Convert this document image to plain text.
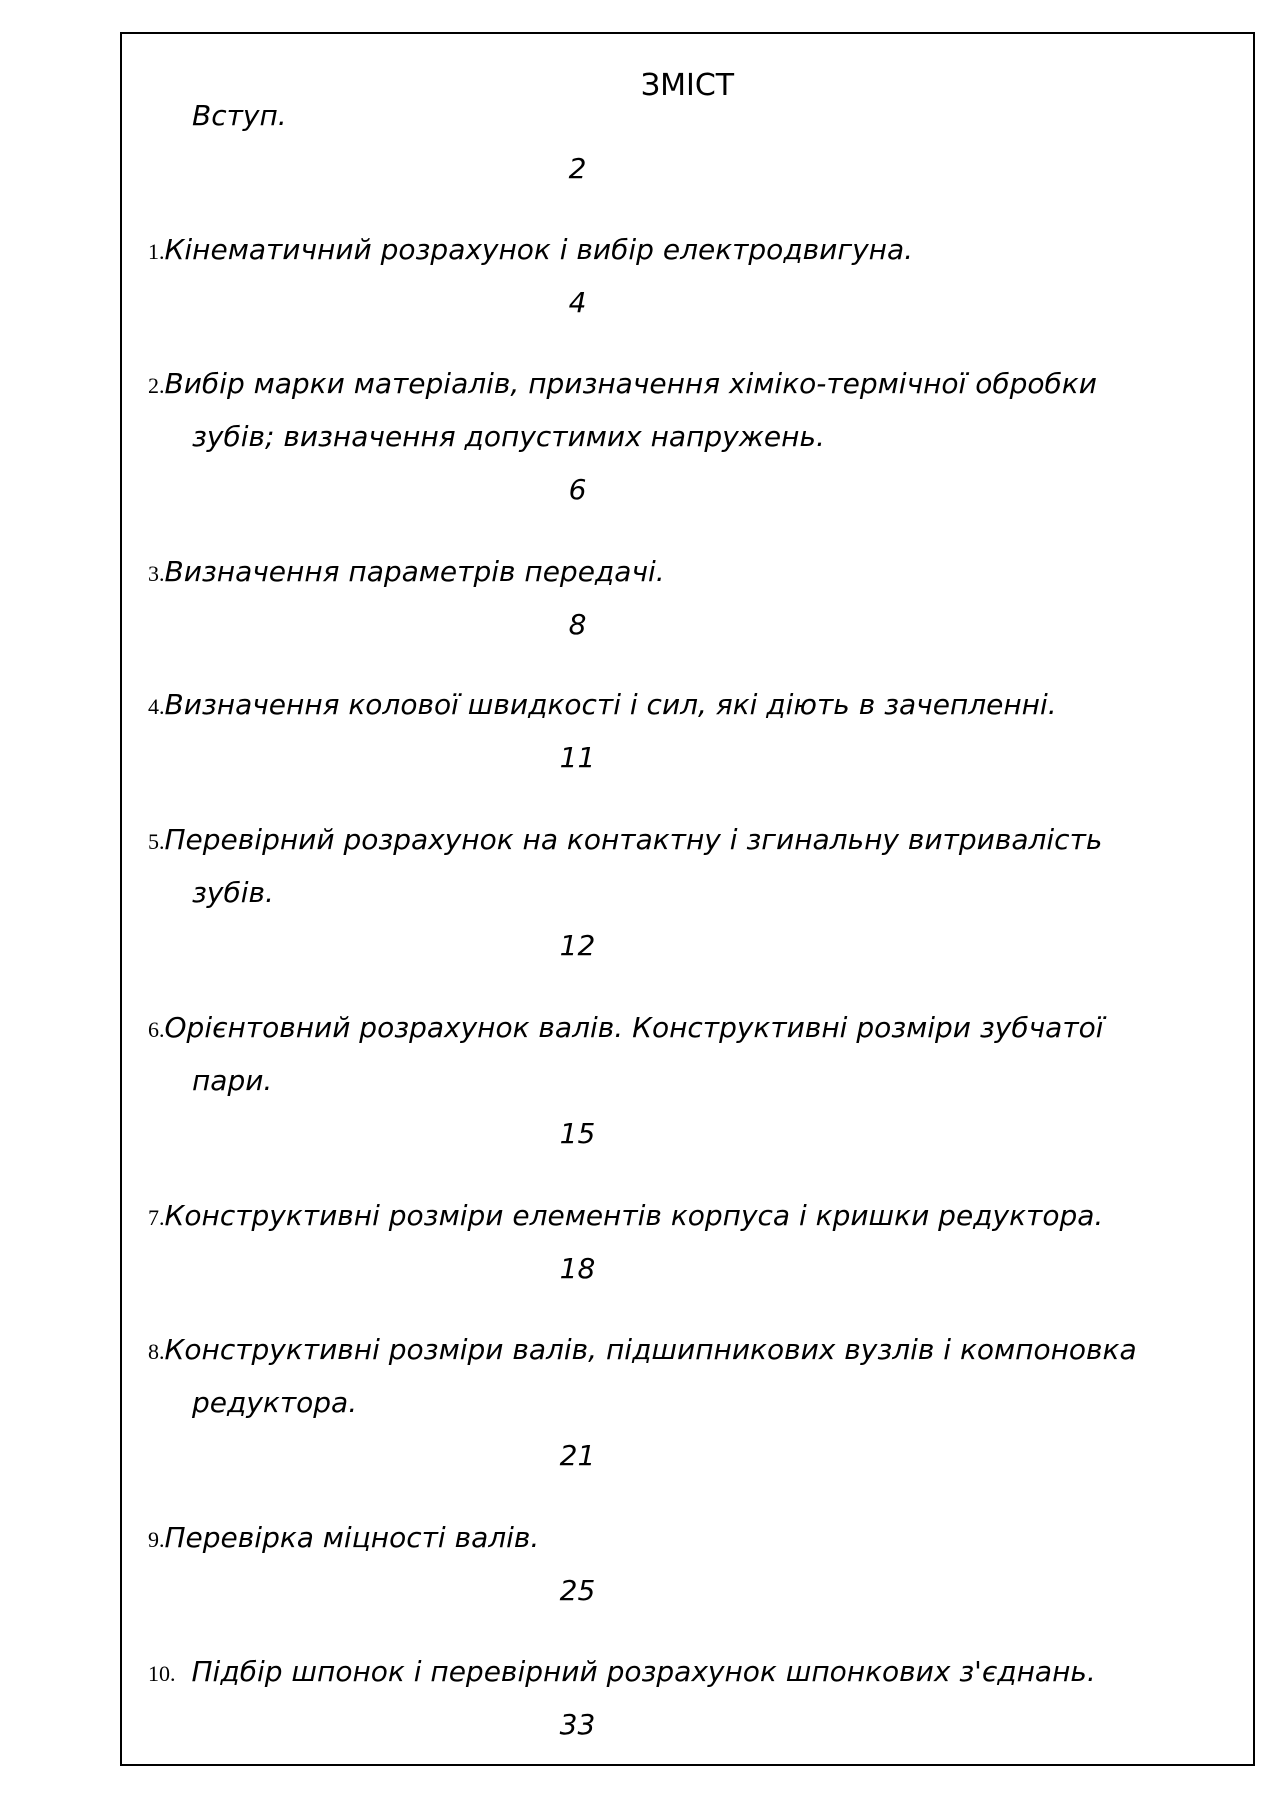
ЗМІСТ
Вступ.
2
1.Кінематичний розрахунок і вибір електродвигуна.
4
2.Вибір марки матеріалів, призначення хіміко-термічної обробки
зубів; визначення допустимих напружень.
6
3.Визначення параметрів передачі.
8
4.Визначення колової швидкості і сил, які діють в зачепленні.
11
5.Перевірний розрахунок на контактну і згинальну витривалість
зубів.
12
6.Орієнтовний розрахунок валів. Конструктивні розміри зубчатої
пари.
15
7.Конструктивні розміри елементів корпуса і кришки редуктора.
18
8.Конструктивні розміри валів, підшипникових вузлів і компоновка
редуктора.
21
9.Перевірка міцності валів.
25
10. Підбір шпонок і перевірний розрахунок шпонкових з'єднань.
33
